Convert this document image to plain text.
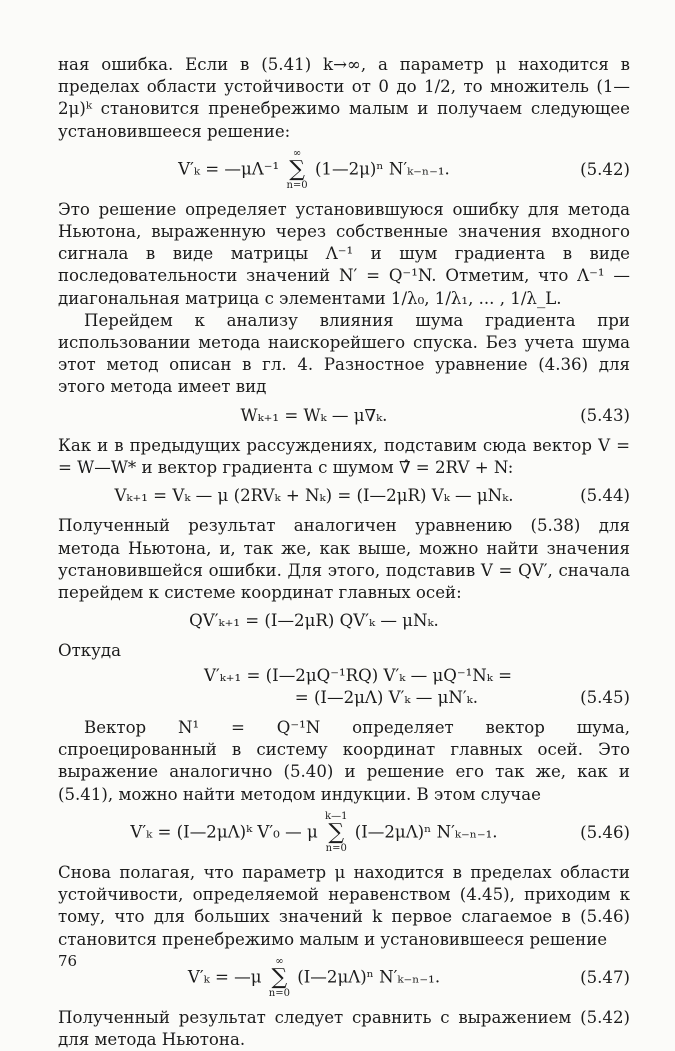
ная ошибка. Если в (5.41) k→∞, а параметр μ находится в пределах области устойчивости от 0 до 1/2, то множитель (1—2μ)ᵏ становится пренебрежимо малым и получаем следующее установившееся решение:

V′ₖ = —μΛ⁻¹
∞
∑
n=0
(1—2μ)ⁿ N′ₖ₋ₙ₋₁.	(5.42)

Это решение определяет установившуюся ошибку для метода Ньютона, выраженную через собственные значения входного сигнала в виде матрицы Λ⁻¹ и шум градиента в виде последовательности значений N′ = Q⁻¹N. Отметим, что Λ⁻¹ — диагональная матрица с элементами 1/λ₀, 1/λ₁, ... , 1/λ_L.

Перейдем к анализу влияния шума градиента при использовании метода наискорейшего спуска. Без учета шума этот метод описан в гл. 4. Разностное уравнение (4.36) для этого метода имеет вид

Wₖ₊₁ = Wₖ — μ∇ₖ.	(5.43)

Как и в предыдущих рассуждениях, подставим сюда вектор V = = W—W* и вектор градиента с шумом ∇̂ = 2RV + N:

Vₖ₊₁ = Vₖ — μ (2RVₖ + Nₖ) = (I—2μR) Vₖ — μNₖ.	(5.44)

Полученный результат аналогичен уравнению (5.38) для метода Ньютона, и, так же, как выше, можно найти значения установившейся ошибки. Для этого, подставив V = QV′, сначала перейдем к системе координат главных осей:

QV′ₖ₊₁ = (I—2μR) QV′ₖ — μNₖ.

Откуда

V′ₖ₊₁ = (I—2μQ⁻¹RQ) V′ₖ — μQ⁻¹Nₖ =
= (I—2μΛ) V′ₖ — μN′ₖ.	(5.45)

Вектор N¹ = Q⁻¹N определяет вектор шума, спроецированный в систему координат главных осей. Это выражение аналогично (5.40) и решение его так же, как и (5.41), можно найти методом индукции. В этом случае

V′ₖ = (I—2μΛ)ᵏ V′₀ — μ
k—1
∑
n=0
(I—2μΛ)ⁿ N′ₖ₋ₙ₋₁.	(5.46)

Снова полагая, что параметр μ находится в пределах области устойчивости, определяемой неравенством (4.45), приходим к тому, что для больших значений k первое слагаемое в (5.46) становится пренебрежимо малым и установившееся решение

V′ₖ = —μ
∞
∑
n=0
(I—2μΛ)ⁿ N′ₖ₋ₙ₋₁.	(5.47)

Полученный результат следует сравнить с выражением (5.42) для метода Ньютона.

76
